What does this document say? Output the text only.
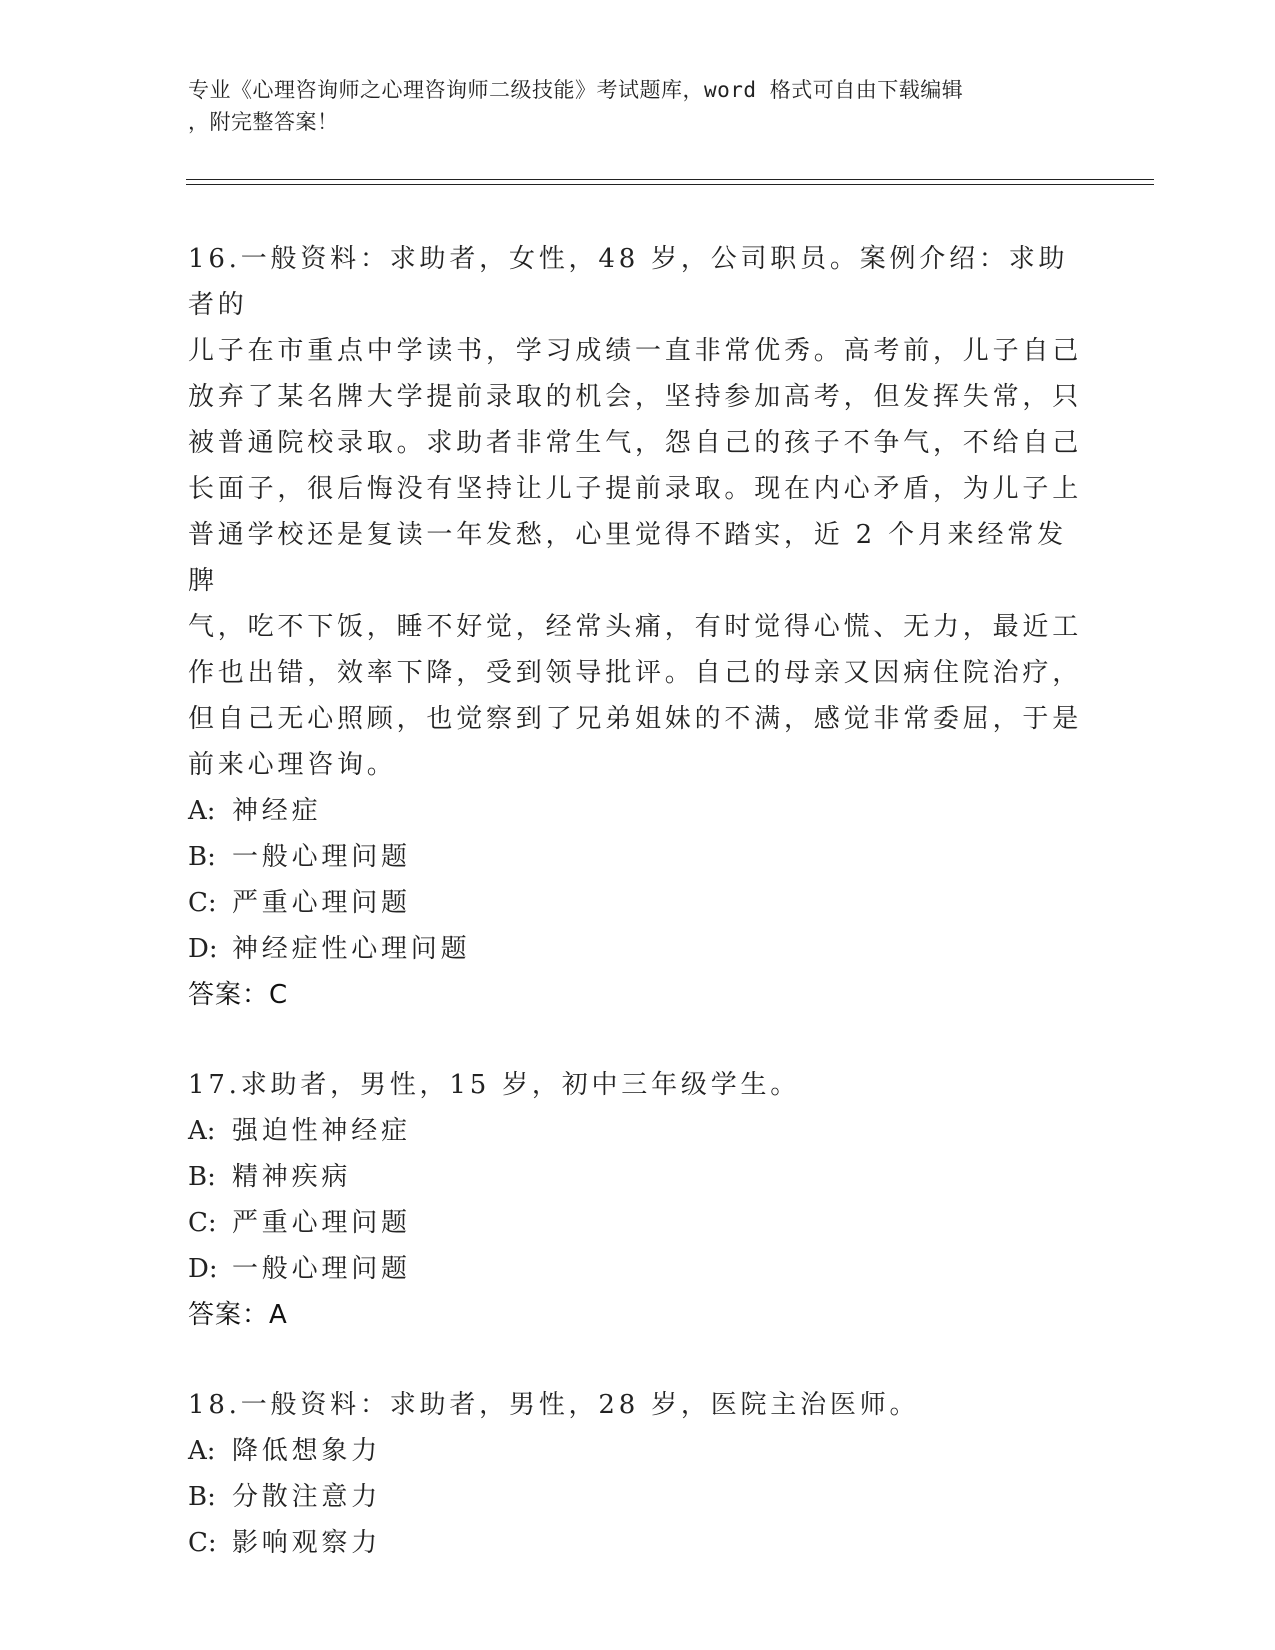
专业《心理咨询师之心理咨询师二级技能》考试题库，word 格式可自由下载编辑
，附完整答案！
16.一般资料：求助者，女性，48 岁，公司职员。案例介绍：求助者的
儿子在市重点中学读书，学习成绩一直非常优秀。高考前，儿子自己
放弃了某名牌大学提前录取的机会，坚持参加高考，但发挥失常，只
被普通院校录取。求助者非常生气，怨自己的孩子不争气，不给自己
长面子，很后悔没有坚持让儿子提前录取。现在内心矛盾，为儿子上
普通学校还是复读一年发愁，心里觉得不踏实，近 2 个月来经常发脾
气，吃不下饭，睡不好觉，经常头痛，有时觉得心慌、无力，最近工
作也出错，效率下降，受到领导批评。自己的母亲又因病住院治疗，
但自己无心照顾，也觉察到了兄弟姐妹的不满，感觉非常委屈，于是
前来心理咨询。
A: 神经症
B: 一般心理问题
C: 严重心理问题
D: 神经症性心理问题
答案：C
17.求助者，男性，15 岁，初中三年级学生。
A: 强迫性神经症
B: 精神疾病
C: 严重心理问题
D: 一般心理问题
答案：A
18.一般资料：求助者，男性，28 岁，医院主治医师。
A: 降低想象力
B: 分散注意力
C: 影响观察力
